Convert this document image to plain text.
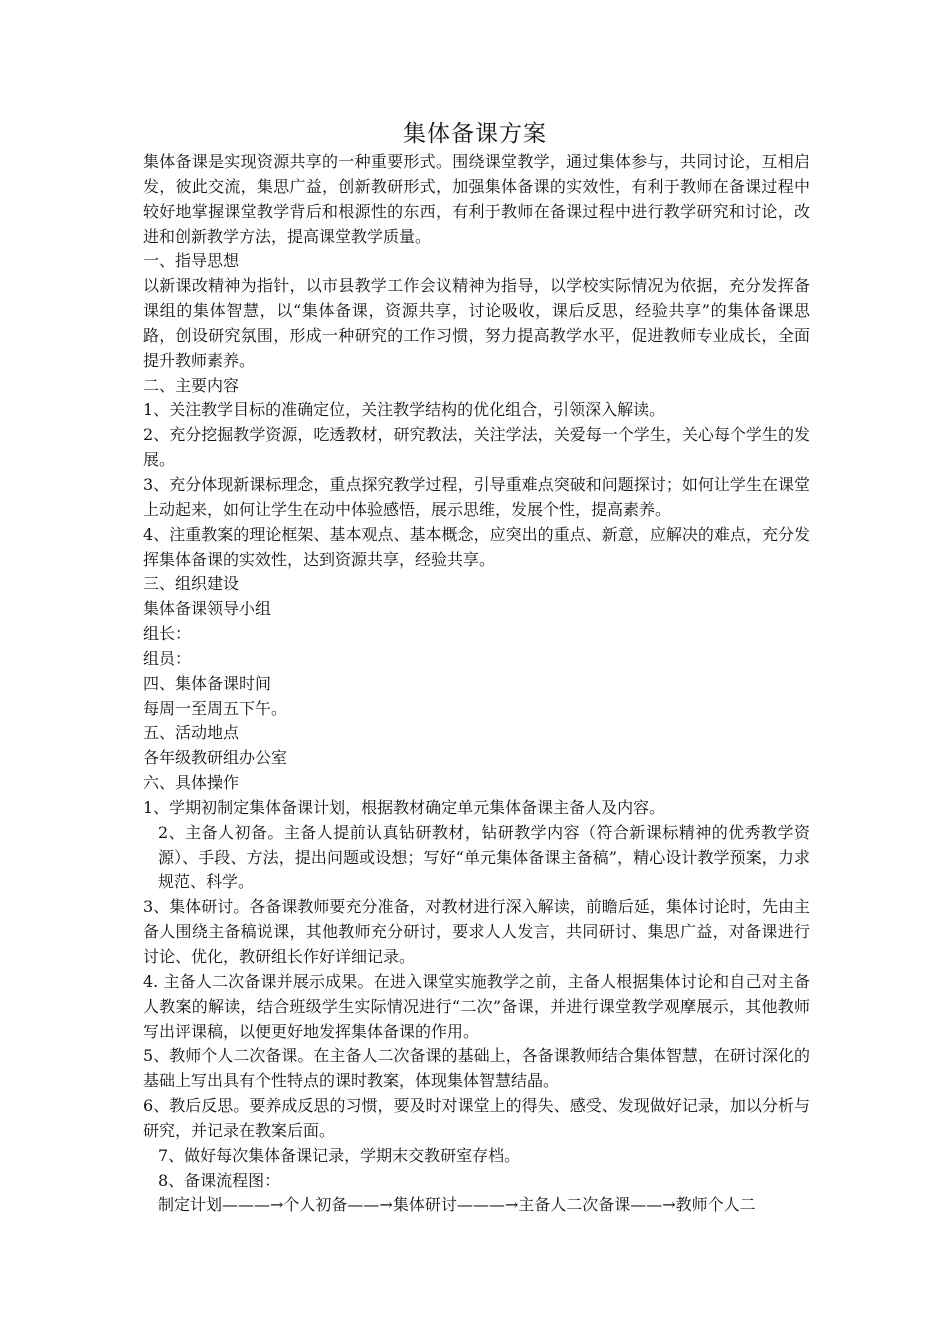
集体备课方案

集体备课是实现资源共享的一种重要形式。围绕课堂教学，通过集体参与，共同讨论，互相启发，彼此交流，集思广益，创新教研形式，加强集体备课的实效性，有利于教师在备课过程中较好地掌握课堂教学背后和根源性的东西，有利于教师在备课过程中进行教学研究和讨论，改进和创新教学方法，提高课堂教学质量。

一、指导思想

以新课改精神为指针，以市县教学工作会议精神为指导，以学校实际情况为依据，充分发挥备课组的集体智慧，以“集体备课，资源共享，讨论吸收，课后反思，经验共享”的集体备课思路，创设研究氛围，形成一种研究的工作习惯，努力提高教学水平，促进教师专业成长，全面提升教师素养。

二、主要内容

1、关注教学目标的准确定位，关注教学结构的优化组合，引领深入解读。

2、充分挖掘教学资源，吃透教材，研究教法，关注学法，关爱每一个学生，关心每个学生的发展。

3、充分体现新课标理念，重点探究教学过程，引导重难点突破和问题探讨；如何让学生在课堂上动起来，如何让学生在动中体验感悟，展示思维，发展个性，提高素养。

4、注重教案的理论框架、基本观点、基本概念，应突出的重点、新意，应解决的难点，充分发挥集体备课的实效性，达到资源共享，经验共享。

三、组织建设

集体备课领导小组

组长：

组员：

四、集体备课时间

每周一至周五下午。

五、活动地点

各年级教研组办公室

六、具体操作

1、学期初制定集体备课计划，根据教材确定单元集体备课主备人及内容。

2、主备人初备。主备人提前认真钻研教材，钻研教学内容（符合新课标精神的优秀教学资源）、手段、方法，提出问题或设想；写好“单元集体备课主备稿”，精心设计教学预案，力求规范、科学。

3、集体研讨。各备课教师要充分准备，对教材进行深入解读，前瞻后延，集体讨论时，先由主备人围绕主备稿说课，其他教师充分研讨，要求人人发言，共同研讨、集思广益，对备课进行讨论、优化，教研组长作好详细记录。

4. 主备人二次备课并展示成果。在进入课堂实施教学之前，主备人根据集体讨论和自己对主备人教案的解读，结合班级学生实际情况进行“二次”备课，并进行课堂教学观摩展示，其他教师写出评课稿，以便更好地发挥集体备课的作用。

5、教师个人二次备课。在主备人二次备课的基础上，各备课教师结合集体智慧，在研讨深化的基础上写出具有个性特点的课时教案，体现集体智慧结晶。

6、教后反思。要养成反思的习惯，要及时对课堂上的得失、感受、发现做好记录，加以分析与研究，并记录在教案后面。

7、做好每次集体备课记录，学期末交教研室存档。

8、备课流程图：

制定计划———→个人初备——→集体研讨———→主备人二次备课——→教师个人二
